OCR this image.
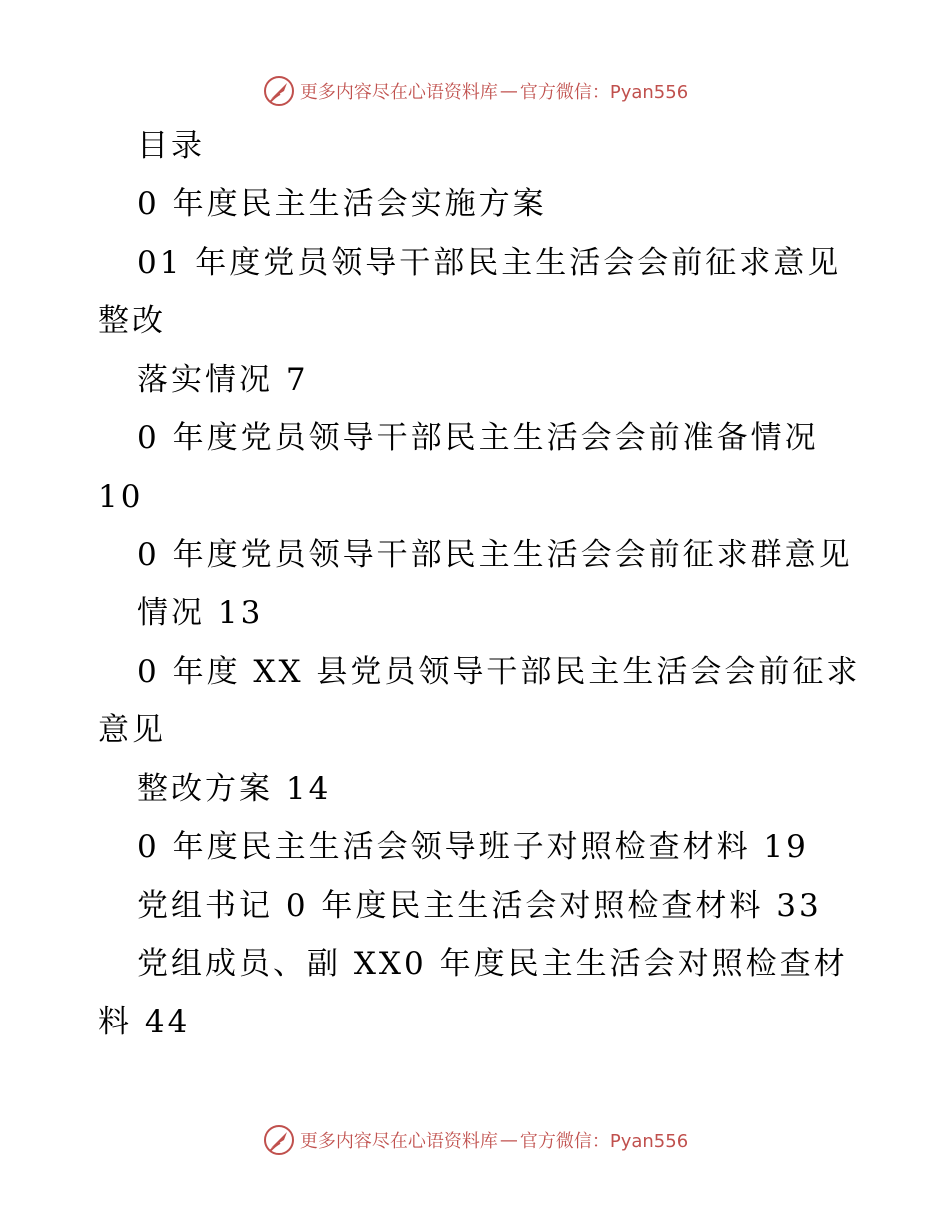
更多内容尽在心语资料库 — 官方微信：Pyan556
目录
0 年度民主生活会实施方案
01 年度党员领导干部民主生活会会前征求意见
整改
落实情况 7
0 年度党员领导干部民主生活会会前准备情况
10
0 年度党员领导干部民主生活会会前征求群意见
情况 13
0 年度 XX 县党员领导干部民主生活会会前征求
意见
整改方案 14
0 年度民主生活会领导班子对照检查材料 19
党组书记 0 年度民主生活会对照检查材料 33
党组成员、副 XX0 年度民主生活会对照检查材
料 44
更多内容尽在心语资料库 — 官方微信：Pyan556
